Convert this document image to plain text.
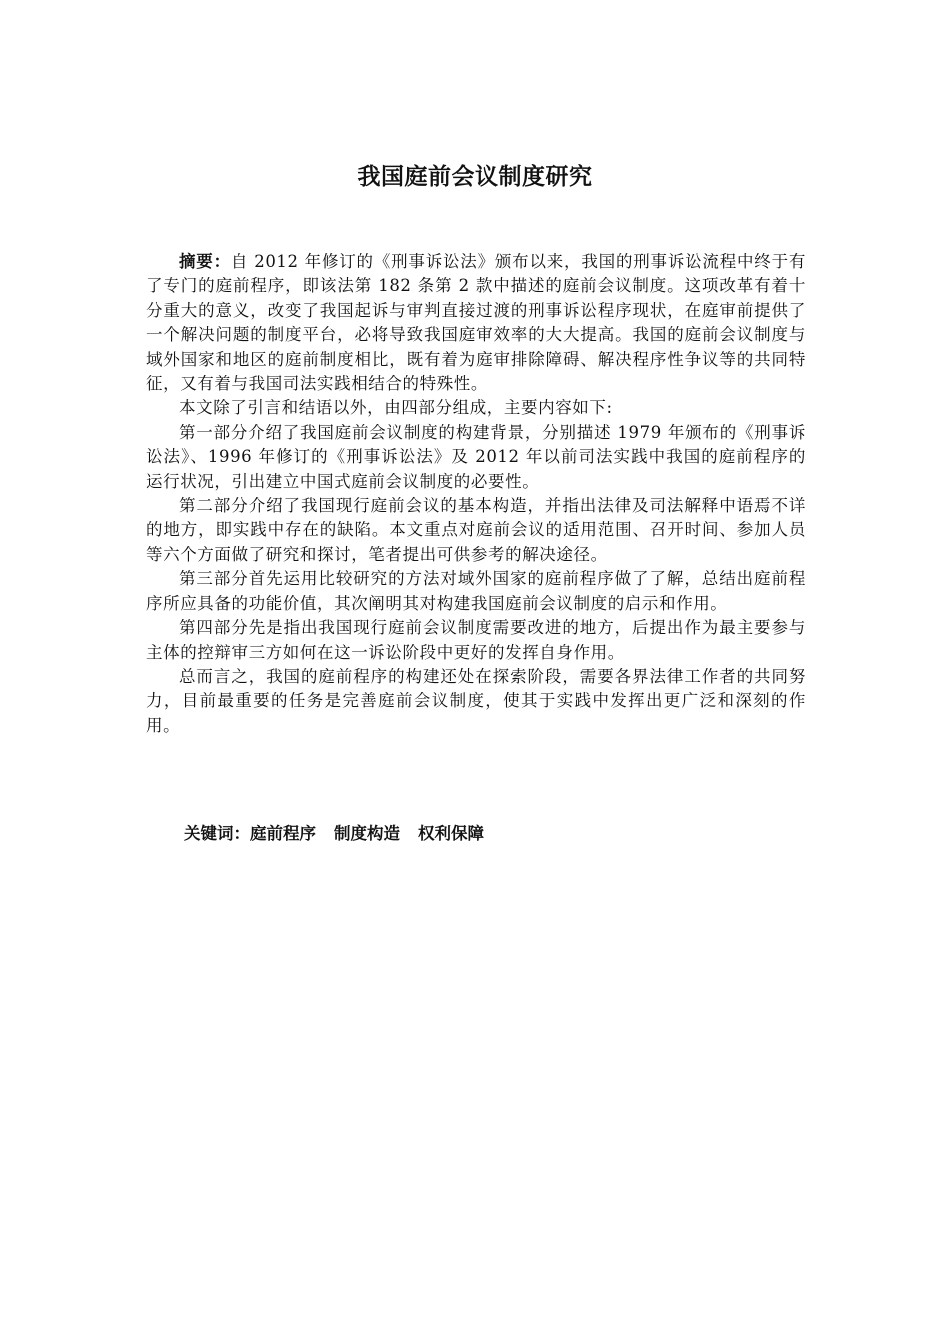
我国庭前会议制度研究

摘要：自 2012 年修订的《刑事诉讼法》颁布以来，我国的刑事诉讼流程中终于有了专门的庭前程序，即该法第 182 条第 2 款中描述的庭前会议制度。这项改革有着十分重大的意义，改变了我国起诉与审判直接过渡的刑事诉讼程序现状，在庭审前提供了一个解决问题的制度平台，必将导致我国庭审效率的大大提高。我国的庭前会议制度与域外国家和地区的庭前制度相比，既有着为庭审排除障碍、解决程序性争议等的共同特征，又有着与我国司法实践相结合的特殊性。

本文除了引言和结语以外，由四部分组成，主要内容如下:

第一部分介绍了我国庭前会议制度的构建背景，分别描述 1979 年颁布的《刑事诉讼法》、1996 年修订的《刑事诉讼法》及 2012 年以前司法实践中我国的庭前程序的运行状况，引出建立中国式庭前会议制度的必要性。

第二部分介绍了我国现行庭前会议的基本构造，并指出法律及司法解释中语焉不详的地方，即实践中存在的缺陷。本文重点对庭前会议的适用范围、召开时间、参加人员等六个方面做了研究和探讨，笔者提出可供参考的解决途径。

第三部分首先运用比较研究的方法对域外国家的庭前程序做了了解，总结出庭前程序所应具备的功能价值，其次阐明其对构建我国庭前会议制度的启示和作用。

第四部分先是指出我国现行庭前会议制度需要改进的地方，后提出作为最主要参与主体的控辩审三方如何在这一诉讼阶段中更好的发挥自身作用。

总而言之，我国的庭前程序的构建还处在探索阶段，需要各界法律工作者的共同努力，目前最重要的任务是完善庭前会议制度，使其于实践中发挥出更广泛和深刻的作用。

关键词：庭前程序 制度构造 权利保障
